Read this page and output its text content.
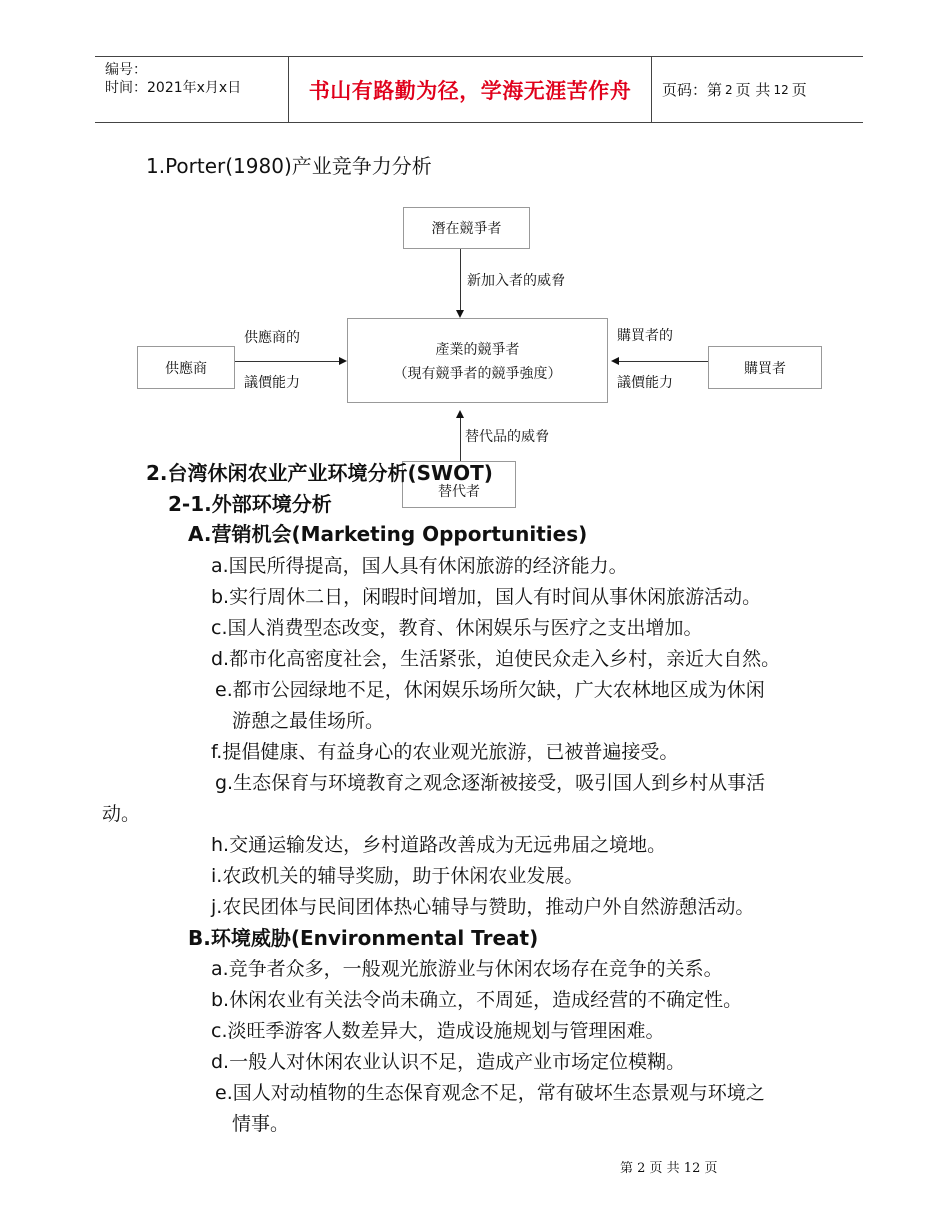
编号：
时间：2021年x月x日	书山有路勤为径，学海无涯苦作舟	页码：第 2 页 共 12 页
1.Porter(1980)产业竞争力分析
潛在競爭者
新加入者的威脅
產業的競爭者
（現有競爭者的競爭強度）
供應商
供應商的
議價能力
購買者
購買者的
議價能力
替代者
替代品的威脅
2.台湾休闲农业产业环境分析(SWOT)
2-1.外部环境分析
A.营销机会(Marketing Opportunities)
a.国民所得提高，国人具有休闲旅游的经济能力。
b.实行周休二日，闲暇时间增加，国人有时间从事休闲旅游活动。
c.国人消费型态改变，教育、休闲娱乐与医疗之支出增加。
d.都市化高密度社会，生活紧张，迫使民众走入乡村，亲近大自然。
e.都市公园绿地不足，休闲娱乐场所欠缺，广大农林地区成为休闲
游憩之最佳场所。
f.提倡健康、有益身心的农业观光旅游，已被普遍接受。
g.生态保育与环境教育之观念逐渐被接受，吸引国人到乡村从事活
动。
h.交通运输发达，乡村道路改善成为无远弗届之境地。
i.农政机关的辅导奖励，助于休闲农业发展。
j.农民团体与民间团体热心辅导与赞助，推动户外自然游憩活动。
B.环境威胁(Environmental Treat)
a.竞争者众多，一般观光旅游业与休闲农场存在竞争的关系。
b.休闲农业有关法令尚未确立，不周延，造成经营的不确定性。
c.淡旺季游客人数差异大，造成设施规划与管理困难。
d.一般人对休闲农业认识不足，造成产业市场定位模糊。
e.国人对动植物的生态保育观念不足，常有破坏生态景观与环境之
情事。
第 2 页 共 12 页
